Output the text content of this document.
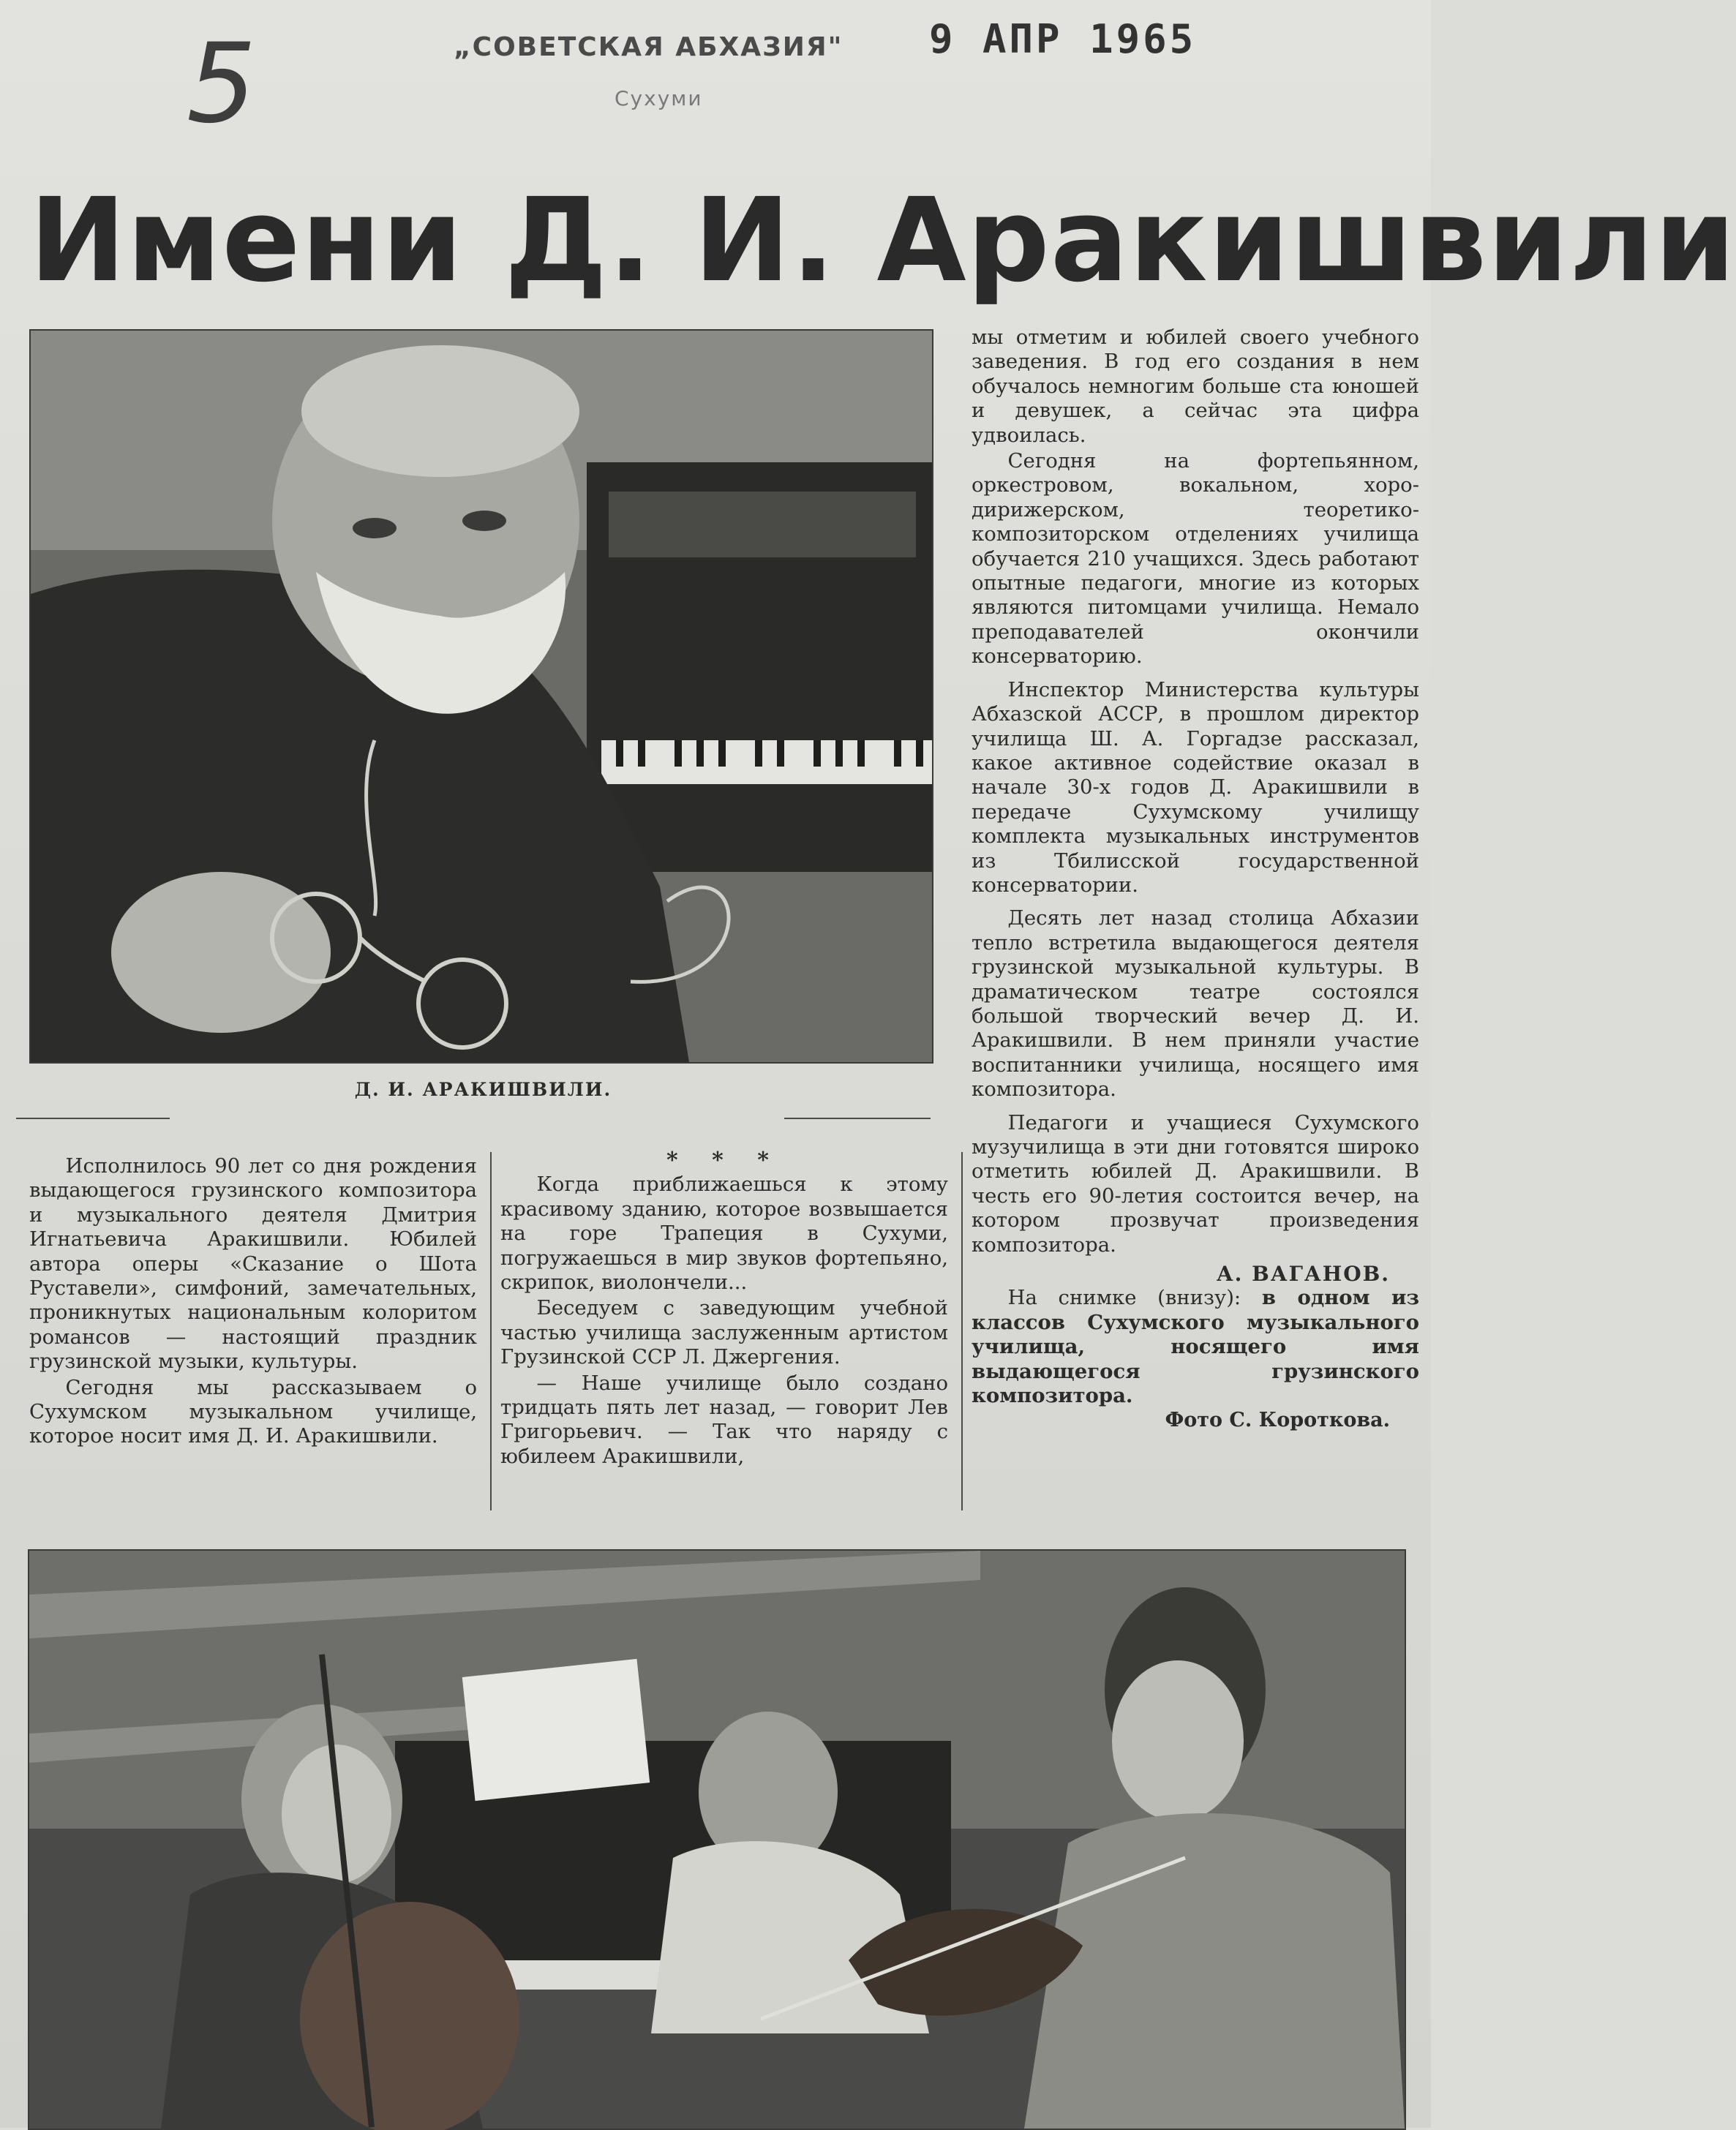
5	„СОВЕТСКАЯ АБХАЗИЯ"
Сухуми
9 АПР 1965
Имени Д. И. Аракишвили
Д. И. АРАКИШВИЛИ.

Исполнилось 90 лет со дня рождения выдающегося грузинского композитора и музыкального деятеля Дмитрия Игнатьевича Аракишвили. Юбилей автора оперы «Сказание о Шота Руставели», симфоний, замечательных, проникнутых национальным колоритом романсов — настоящий праздник грузинской музыки, культуры.

Сегодня мы рассказываем о Сухумском музыкальном училище, которое носит имя Д. И. Аракишвили.

* * *

Когда приближаешься к этому красивому зданию, которое возвышается на горе Трапеция в Сухуми, погружаешься в мир звуков фортепьяно, скрипок, виолончели...

Беседуем с заведующим учебной частью училища заслуженным артистом Грузинской ССР Л. Джергения.

— Наше училище было создано тридцать пять лет назад, — говорит Лев Григорьевич. — Так что наряду с юбилеем Аракишвили,

мы отметим и юбилей своего учебного заведения. В год его создания в нем обучалось немногим больше ста юношей и девушек, а сейчас эта цифра удвоилась.

Сегодня на фортепьянном, оркестровом, вокальном, хоро-дирижерском, теоретико-композиторском отделениях училища обучается 210 учащихся. Здесь работают опытные педагоги, многие из которых являются питомцами училища. Немало преподавателей окончили консерваторию.

Инспектор Министерства культуры Абхазской АССР, в прошлом директор училища Ш. А. Горгадзе рассказал, какое активное содействие оказал в начале 30-х годов Д. Аракишвили в передаче Сухумскому училищу комплекта музыкальных инструментов из Тбилисской государственной консерватории.

Десять лет назад столица Абхазии тепло встретила выдающегося деятеля грузинской музыкальной культуры. В драматическом театре состоялся большой творческий вечер Д. И. Аракишвили. В нем приняли участие воспитанники училища, носящего имя композитора.

Педагоги и учащиеся Сухумского музучилища в эти дни готовятся широко отметить юбилей Д. Аракишвили. В честь его 90-летия состоится вечер, на котором прозвучат произведения композитора.

А. ВАГАНОВ.
На снимке (внизу): в одном из классов Сухумского музыкального училища, носящего имя выдающегося грузинского композитора.
Фото С. Короткова.
